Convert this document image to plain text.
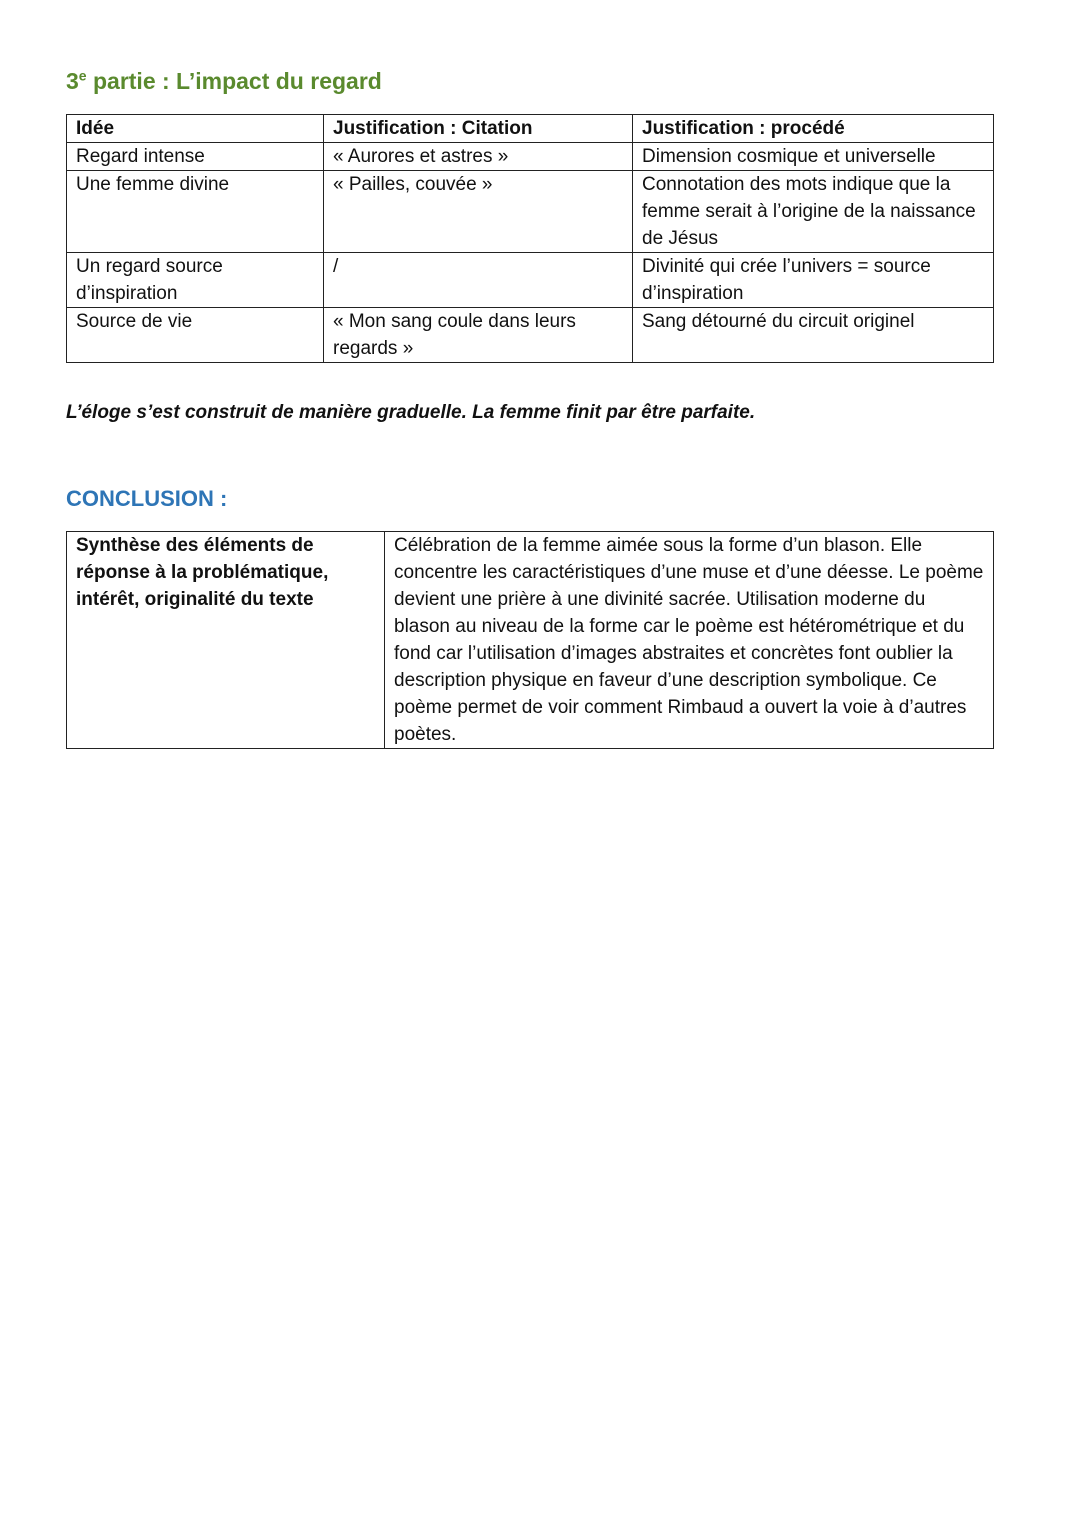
3e partie : L’impact du regard
Idée	Justification : Citation	Justification : procédé
Regard intense	« Aurores et astres »	Dimension cosmique et universelle
Une femme divine	« Pailles, couvée »	Connotation des mots indique que la femme serait à l’origine de la naissance de Jésus
Un regard source d’inspiration	/	Divinité qui crée l’univers = source d’inspiration
Source de vie	« Mon sang coule dans leurs regards »	Sang détourné du circuit originel

L’éloge s’est construit de manière graduelle. La femme finit par être parfaite.

CONCLUSION :
Synthèse des éléments de réponse à la problématique, intérêt, originalité du texte	Célébration de la femme aimée sous la forme d’un blason. Elle concentre les caractéristiques d’une muse et d’une déesse. Le poème devient une prière à une divinité sacrée. Utilisation moderne du blason au niveau de la forme car le poème est hétérométrique et du fond car l’utilisation d’images abstraites et concrètes font oublier la description physique en faveur d’une description symbolique. Ce poème permet de voir comment Rimbaud a ouvert la voie à d’autres poètes.
